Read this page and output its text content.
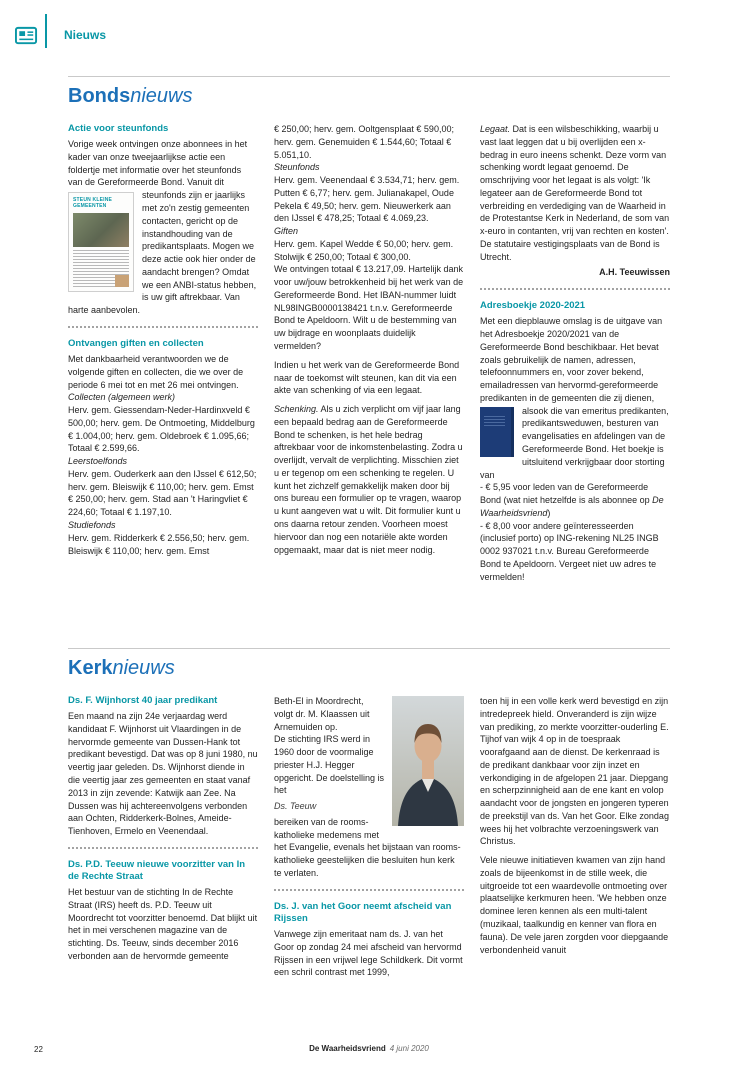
Nieuws
Bondsnieuws
Actie voor steunfonds
Vorige week ontvingen onze abonnees in het kader van onze tweejaarlijkse actie een foldertje met informatie over het steunfonds van de Gereformeerde Bond. Vanuit dit
STEUN KLEINE GEMEENTEN
steunfonds zijn er jaarlijks met zo'n zestig gemeenten contacten, gericht op de instandhouding van de predikantsplaats. Mogen we deze actie ook hier onder de aandacht brengen? Omdat we een ANBI-status hebben, is uw gift aftrekbaar. Van harte aanbevolen.
Ontvangen giften en collecten
Met dankbaarheid verantwoorden we de volgende giften en collecten, die we over de periode 6 mei tot en met 26 mei ontvingen.
Collecten (algemeen werk)
Herv. gem. Giessendam-Neder-Hardinxveld € 500,00; herv. gem. De Ontmoeting, Middelburg € 1.004,00; herv. gem. Oldebroek € 1.095,66; Totaal € 2.599,66.
Leerstoelfonds
Herv. gem. Ouderkerk aan den IJssel € 612,50; herv. gem. Bleiswijk € 110,00; herv. gem. Emst € 250,00; herv. gem. Stad aan 't Haringvliet € 224,60; Totaal € 1.197,10.
Studiefonds
Herv. gem. Ridderkerk € 2.556,50; herv. gem. Bleiswijk € 110,00; herv. gem. Emst
€ 250,00; herv. gem. Ooltgensplaat € 590,00; herv. gem. Genemuiden € 1.544,60; Totaal € 5.051,10.
Steunfonds
Herv. gem. Veenendaal € 3.534,71; herv. gem. Putten € 6,77; herv. gem. Julianakapel, Oude Pekela € 49,50; herv. gem. Nieuwerkerk aan den IJssel € 478,25; Totaal € 4.069,23.
Giften
Herv. gem. Kapel Wedde € 50,00; herv. gem. Stolwijk € 250,00; Totaal € 300,00.
We ontvingen totaal € 13.217,09. Hartelijk dank voor uw/jouw betrokkenheid bij het werk van de Gereformeerde Bond. Het IBAN-nummer luidt NL98INGB0000138421 t.n.v. Gereformeerde Bond te Apeldoorn. Wilt u de bestemming van uw bijdrage en woonplaats duidelijk vermelden?
Indien u het werk van de Gereformeerde Bond naar de toekomst wilt steunen, kan dit via een akte van schenking of via een legaat.
Schenking. Als u zich verplicht om vijf jaar lang een bepaald bedrag aan de Gereformeerde Bond te schenken, is het hele bedrag aftrekbaar voor de inkomstenbelasting. Zodra u overlijdt, vervalt de verplichting. Misschien ziet u er tegenop om een schenking te regelen. U kunt het zichzelf gemakkelijk maken door bij ons bureau een formulier op te vragen, waarop u kunt aangeven wat u wilt. Dit formulier kunt u ons daarna retour zenden. Voorheen moest hiervoor dan nog een notariële akte worden opgemaakt, maar dat is niet meer nodig.
Legaat. Dat is een wilsbeschikking, waarbij u vast laat leggen dat u bij overlijden een x-bedrag in euro ineens schenkt. Deze vorm van schenking wordt legaat genoemd. De omschrijving voor het legaat is als volgt: 'Ik legateer aan de Gereformeerde Bond tot verbreiding en verdediging van de Waarheid in de Protestantse Kerk in Nederland, de som van x-euro in contanten, vrij van rechten en kosten'. De statutaire vestigingsplaats van de Bond is Utrecht.
A.H. Teeuwissen
Adresboekje 2020-2021
Met een diepblauwe omslag is de uitgave van het Adresboekje 2020/2021 van de Gereformeerde Bond beschikbaar. Het bevat zoals gebruikelijk de namen, adressen, telefoonnummers en, voor zover bekend, emailadressen van hervormd-gereformeerde predikanten in de gemeenten die zij dienen,
alsook die van emeritus predikanten, predikantsweduwen, besturen van evangelisaties en afdelingen van de Gereformeerde Bond. Het boekje is uitsluitend verkrijgbaar door storting van
- € 5,95 voor leden van de Gereformeerde Bond (wat niet hetzelfde is als abonnee op De Waarheidsvriend)
- € 8,00 voor andere geïnteresseerden (inclusief porto) op ING-rekening NL25 INGB 0002 937021 t.n.v. Bureau Gereformeerde Bond te Apeldoorn. Vergeet niet uw adres te vermelden!
Kerknieuws
Ds. F. Wijnhorst 40 jaar predikant
Een maand na zijn 24e verjaardag werd kandidaat F. Wijnhorst uit Vlaardingen in de hervormde gemeente van Dussen-Hank tot predikant bevestigd. Dat was op 8 juni 1980, nu veertig jaar geleden. Ds. Wijnhorst diende in die veertig jaar zes gemeenten en staat vanaf 2013 in zijn zevende: Katwijk aan Zee. Na Dussen was hij achtereenvolgens verbonden aan Ochten, Ridderkerk-Bolnes, Ameide-Tienhoven, Ermelo en Veenendaal.
Ds. P.D. Teeuw nieuwe voorzitter van In de Rechte Straat
Het bestuur van de stichting In de Rechte Straat (IRS) heeft ds. P.D. Teeuw uit Moordrecht tot voorzitter benoemd. Dat blijkt uit het in mei verschenen magazine van de stichting. Ds. Teeuw, sinds december 2016 verbonden aan de hervormde gemeente
Beth-El in Moordrecht, volgt dr. M. Klaassen uit Arnemuiden op.
De stichting IRS werd in 1960 door de voormalige priester H.J. Hegger opgericht. De doelstelling is het
Ds. Teeuw
bereiken van de rooms-katholieke medemens met het Evangelie, evenals het bijstaan van rooms-katholieke geestelijken die besluiten hun kerk te verlaten.
Ds. J. van het Goor neemt afscheid van Rijssen
Vanwege zijn emeritaat nam ds. J. van het Goor op zondag 24 mei afscheid van hervormd Rijssen in een vrijwel lege Schildkerk. Dit vormt een schril contrast met 1999,
toen hij in een volle kerk werd bevestigd en zijn intredepreek hield. Onveranderd is zijn wijze van prediking, zo merkte voorzitter-ouderling E. Tijhof van wijk 4 op in de toespraak voorafgaand aan de dienst. De kerkenraad is de predikant dankbaar voor zijn inzet en verkondiging in de afgelopen 21 jaar. Diepgang en scherpzinnigheid aan de ene kant en volop aandacht voor de jongsten en jongeren typeren de preekstijl van ds. Van het Goor. Elke zondag wees hij het volbrachte verzoeningswerk van Christus.
Vele nieuwe initiatieven kwamen van zijn hand zoals de bijeenkomst in de stille week, die uitgroeide tot een waardevolle ontmoeting over plaatselijke kerkmuren heen. 'We hebben onze dominee leren kennen als een multi-talent (muzikaal, taalkundig en kenner van flora en fauna). De vele jaren zorgden voor diepgaande verbondenheid vanuit
22	De Waarheidsvriend 4 juni 2020
